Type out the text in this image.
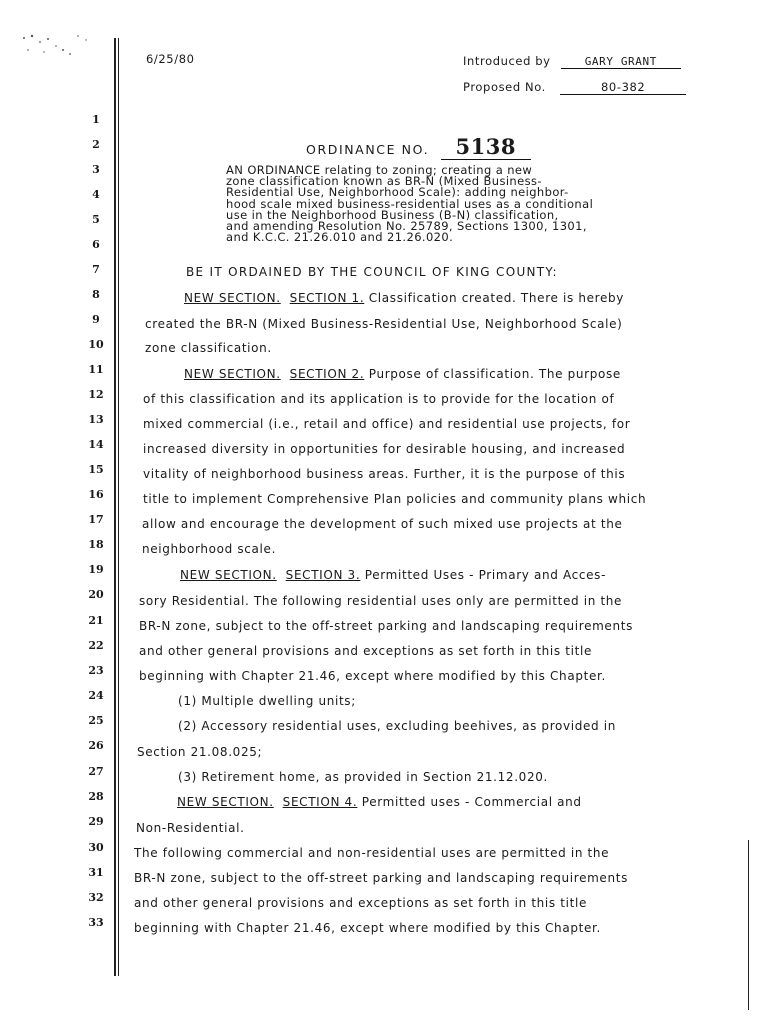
6/25/80	Introduced by	GARY GRANT
Proposed No.	80-382
ORDINANCE NO. 5138
AN ORDINANCE relating to zoning; creating a new
zone classification known as BR-N (Mixed Business-
Residential Use, Neighborhood Scale): adding neighbor-
hood scale mixed business-residential uses as a conditional
use in the Neighborhood Business (B-N) classification,
and amending Resolution No. 25789, Sections 1300, 1301,
and K.C.C. 21.26.010 and 21.26.020.
BE IT ORDAINED BY THE COUNCIL OF KING COUNTY:
1
2
3
4
5
6
7
8
9
10
11
12
13
14
15
16
17
18
19
20
21
22
23
24
25
26
27
28
29
30
31
32
33
NEW SECTION. SECTION 1. Classification created. There is hereby
created the BR-N (Mixed Business-Residential Use, Neighborhood Scale)
zone classification.
NEW SECTION. SECTION 2. Purpose of classification. The purpose
of this classification and its application is to provide for the location of
mixed commercial (i.e., retail and office) and residential use projects, for
increased diversity in opportunities for desirable housing, and increased
vitality of neighborhood business areas. Further, it is the purpose of this
title to implement Comprehensive Plan policies and community plans which
allow and encourage the development of such mixed use projects at the
neighborhood scale.
NEW SECTION. SECTION 3. Permitted Uses - Primary and Acces-
sory Residential. The following residential uses only are permitted in the
BR-N zone, subject to the off-street parking and landscaping requirements
and other general provisions and exceptions as set forth in this title
beginning with Chapter 21.46, except where modified by this Chapter.
(1) Multiple dwelling units;
(2) Accessory residential uses, excluding beehives, as provided in
Section 21.08.025;
(3) Retirement home, as provided in Section 21.12.020.
NEW SECTION. SECTION 4. Permitted uses - Commercial and
Non-Residential.
The following commercial and non-residential uses are permitted in the
BR-N zone, subject to the off-street parking and landscaping requirements
and other general provisions and exceptions as set forth in this title
beginning with Chapter 21.46, except where modified by this Chapter.
